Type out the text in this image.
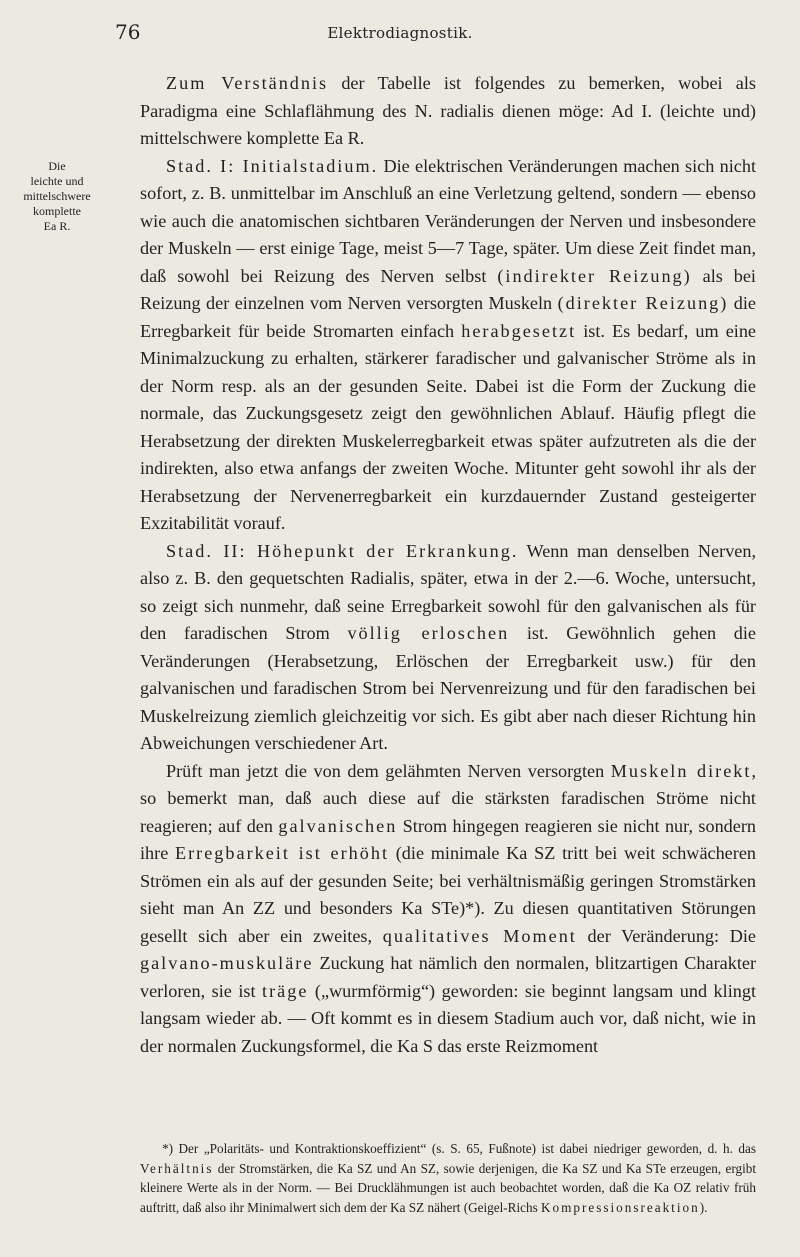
76	Elektrodiagnostik.
Die
leichte und
mittelschwere
komplette
Ea R.

Zum Verständnis der Tabelle ist folgendes zu bemerken, wobei als Paradigma eine Schlaflähmung des N. radialis dienen möge: Ad I. (leichte und) mittelschwere komplette Ea R.

Stad. I: Initialstadium. Die elektrischen Veränderungen machen sich nicht sofort, z. B. unmittelbar im Anschluß an eine Verletzung geltend, sondern — ebenso wie auch die anatomischen sichtbaren Veränderungen der Nerven und insbesondere der Muskeln — erst einige Tage, meist 5—7 Tage, später. Um diese Zeit findet man, daß sowohl bei Reizung des Nerven selbst (indirekter Reizung) als bei Reizung der einzelnen vom Nerven versorgten Muskeln (direkter Reizung) die Erregbarkeit für beide Stromarten einfach herabgesetzt ist. Es bedarf, um eine Minimalzuckung zu erhalten, stärkerer faradischer und galvanischer Ströme als in der Norm resp. als an der gesunden Seite. Dabei ist die Form der Zuckung die normale, das Zuckungsgesetz zeigt den gewöhnlichen Ablauf. Häufig pflegt die Herabsetzung der direkten Muskelerregbarkeit etwas später aufzutreten als die der indirekten, also etwa anfangs der zweiten Woche. Mitunter geht sowohl ihr als der Herabsetzung der Nervenerregbarkeit ein kurzdauernder Zustand gesteigerter Exzitabilität vorauf.

Stad. II: Höhepunkt der Erkrankung. Wenn man denselben Nerven, also z. B. den gequetschten Radialis, später, etwa in der 2.—6. Woche, untersucht, so zeigt sich nunmehr, daß seine Erregbarkeit sowohl für den galvanischen als für den faradischen Strom völlig erloschen ist. Gewöhnlich gehen die Veränderungen (Herabsetzung, Erlöschen der Erregbarkeit usw.) für den galvanischen und faradischen Strom bei Nervenreizung und für den faradischen bei Muskelreizung ziemlich gleichzeitig vor sich. Es gibt aber nach dieser Richtung hin Abweichungen verschiedener Art.

Prüft man jetzt die von dem gelähmten Nerven versorgten Muskeln direkt, so bemerkt man, daß auch diese auf die stärksten faradischen Ströme nicht reagieren; auf den galvanischen Strom hingegen reagieren sie nicht nur, sondern ihre Erregbarkeit ist erhöht (die minimale Ka SZ tritt bei weit schwächeren Strömen ein als auf der gesunden Seite; bei verhältnismäßig geringen Stromstärken sieht man An ZZ und besonders Ka STe)*). Zu diesen quantitativen Störungen gesellt sich aber ein zweites, qualitatives Moment der Veränderung: Die galvano-muskuläre Zuckung hat nämlich den normalen, blitzartigen Charakter verloren, sie ist träge („wurmförmig“) geworden: sie beginnt langsam und klingt langsam wieder ab. — Oft kommt es in diesem Stadium auch vor, daß nicht, wie in der normalen Zuckungsformel, die Ka S das erste Reizmoment

*) Der „Polaritäts- und Kontraktionskoeffizient“ (s. S. 65, Fußnote) ist dabei niedriger geworden, d. h. das Verhältnis der Stromstärken, die Ka SZ und An SZ, sowie derjenigen, die Ka SZ und Ka STe erzeugen, ergibt kleinere Werte als in der Norm. — Bei Drucklähmungen ist auch beobachtet worden, daß die Ka OZ relativ früh auftritt, daß also ihr Minimalwert sich dem der Ka SZ nähert (Geigel-Richs Kompressionsreaktion).
